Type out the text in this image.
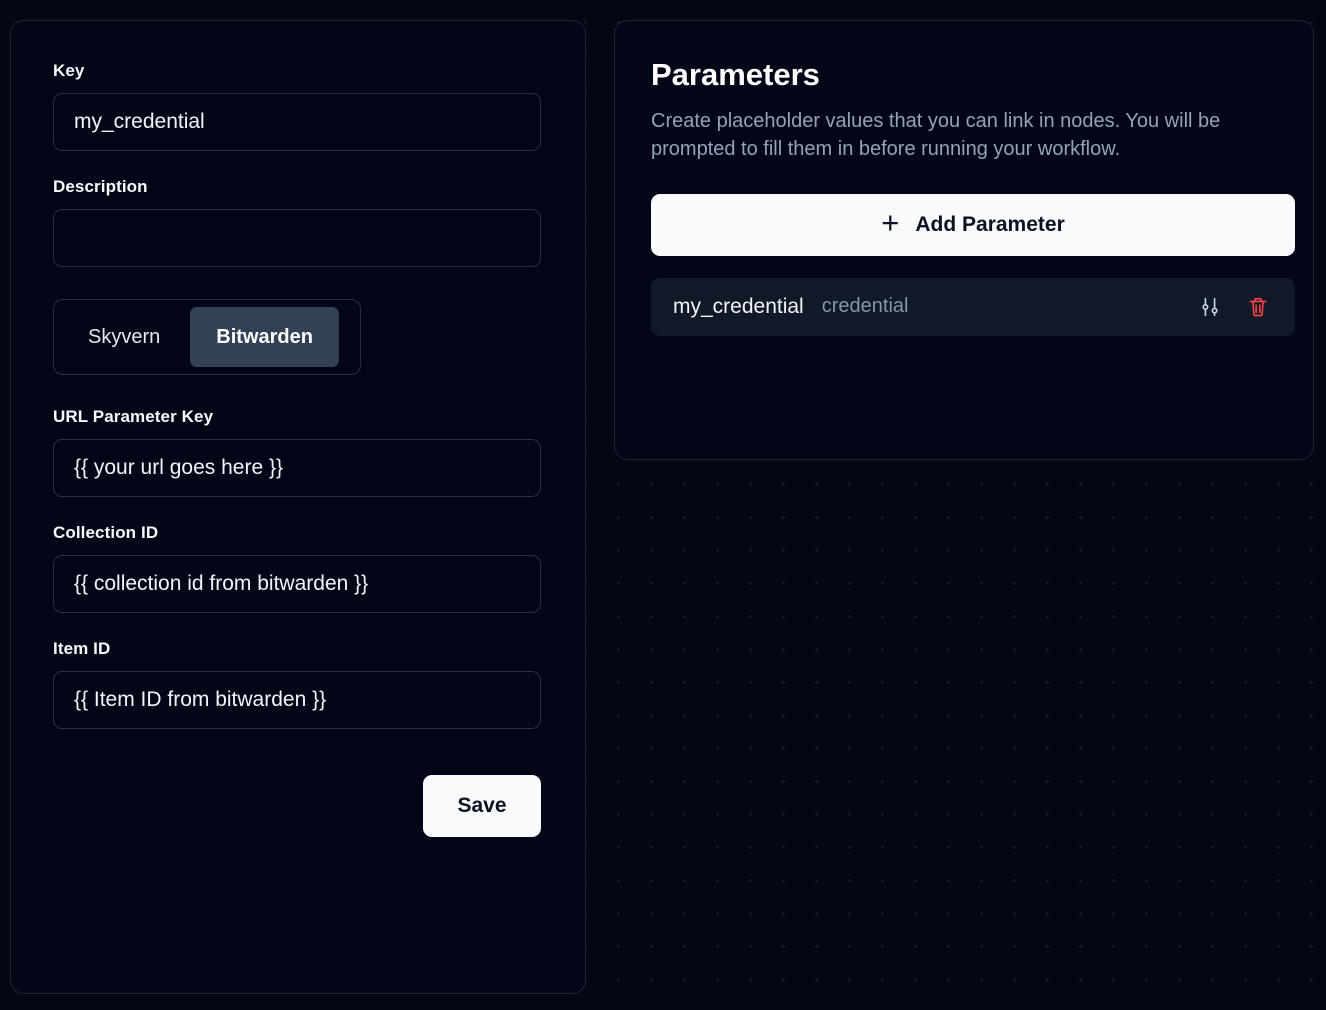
Key
my_credential
Description
Skyvern	Bitwarden
URL Parameter Key
{{ your url goes here }}
Collection ID
{{ collection id from bitwarden }}
Item ID
{{ Item ID from bitwarden }}
Save
Parameters

Create placeholder values that you can link in nodes. You will be prompted to fill them in before running your workflow.

+ Add Parameter
my_credential credential
